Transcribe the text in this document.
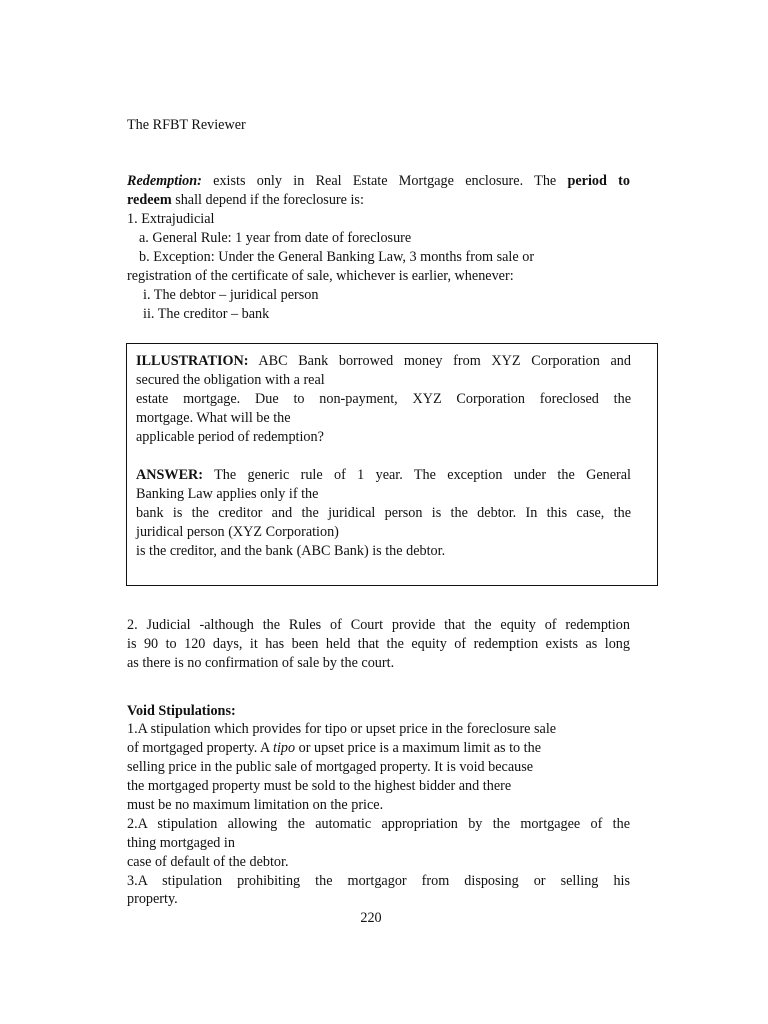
The RFBT Reviewer
Redemption: exists only in Real Estate Mortgage enclosure. The period to
redeem shall depend if the foreclosure is:
1. Extrajudicial
a. General Rule: 1 year from date of foreclosure
b. Exception: Under the General Banking Law, 3 months from sale or
registration of the certificate of sale, whichever is earlier, whenever:
i. The debtor – juridical person
ii. The creditor – bank
ILLUSTRATION: ABC Bank borrowed money from XYZ Corporation and
secured the obligation with a real
estate mortgage. Due to non-payment, XYZ Corporation foreclosed the
mortgage. What will be the
applicable period of redemption?
ANSWER: The generic rule of 1 year. The exception under the General
Banking Law applies only if the
bank is the creditor and the juridical person is the debtor. In this case, the
juridical person (XYZ Corporation)
is the creditor, and the bank (ABC Bank) is the debtor.
2. Judicial -although the Rules of Court provide that the equity of redemption
is 90 to 120 days, it has been held that the equity of redemption exists as long
as there is no confirmation of sale by the court.
Void Stipulations:
1.A stipulation which provides for tipo or upset price in the foreclosure sale
of mortgaged property. A tipo or upset price is a maximum limit as to the
selling price in the public sale of mortgaged property. It is void because
the mortgaged property must be sold to the highest bidder and there
must be no maximum limitation on the price.
2.A stipulation allowing the automatic appropriation by the mortgagee of the
thing mortgaged in
case of default of the debtor.
3.A stipulation prohibiting the mortgagor from disposing or selling his
property.
220
